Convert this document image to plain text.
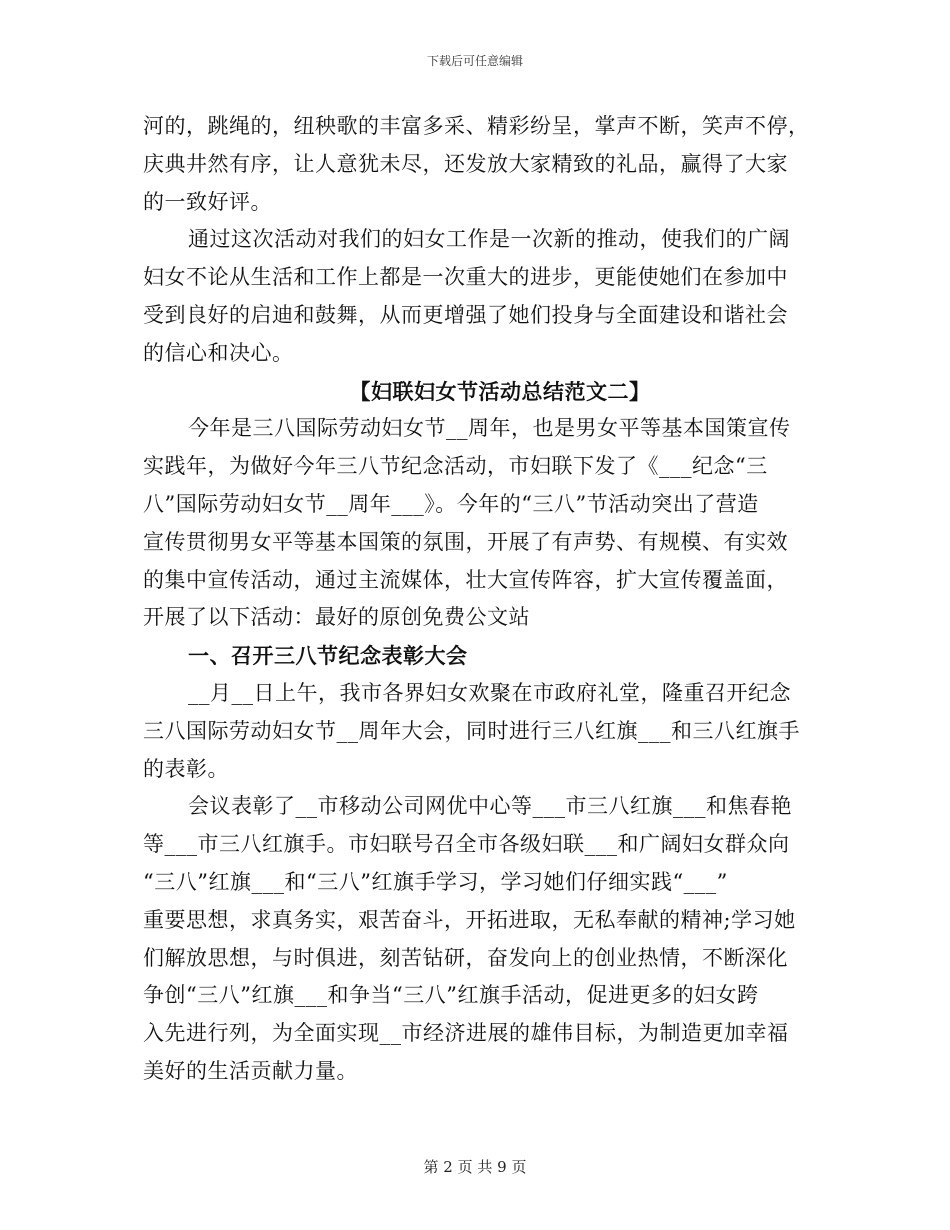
下载后可任意编辑
河的，跳绳的，纽秧歌的丰富多采、精彩纷呈，掌声不断，笑声不停，
庆典井然有序，让人意犹未尽，还发放大家精致的礼品，赢得了大家
的一致好评。
通过这次活动对我们的妇女工作是一次新的推动，使我们的广阔
妇女不论从生活和工作上都是一次重大的进步，更能使她们在参加中
受到良好的启迪和鼓舞，从而更增强了她们投身与全面建设和谐社会
的信心和决心。
【妇联妇女节活动总结范文二】
今年是三八国际劳动妇女节__周年，也是男女平等基本国策宣传
实践年，为做好今年三八节纪念活动，市妇联下发了《___纪念“三
八”国际劳动妇女节__周年___》。今年的“三八”节活动突出了营造
宣传贯彻男女平等基本国策的氛围，开展了有声势、有规模、有实效
的集中宣传活动，通过主流媒体，壮大宣传阵容，扩大宣传覆盖面，
开展了以下活动：最好的原创免费公文站
一、召开三八节纪念表彰大会
__月__日上午，我市各界妇女欢聚在市政府礼堂，隆重召开纪念
三八国际劳动妇女节__周年大会，同时进行三八红旗___和三八红旗手
的表彰。
会议表彰了__市移动公司网优中心等___市三八红旗___和焦春艳
等___市三八红旗手。市妇联号召全市各级妇联___和广阔妇女群众向
“三八”红旗___和“三八”红旗手学习，学习她们仔细实践“___”
重要思想，求真务实，艰苦奋斗，开拓进取，无私奉献的精神;学习她
们解放思想，与时俱进，刻苦钻研，奋发向上的创业热情，不断深化
争创“三八”红旗___和争当“三八”红旗手活动，促进更多的妇女跨
入先进行列，为全面实现__市经济进展的雄伟目标，为制造更加幸福
美好的生活贡献力量。
第 2 页 共 9 页
